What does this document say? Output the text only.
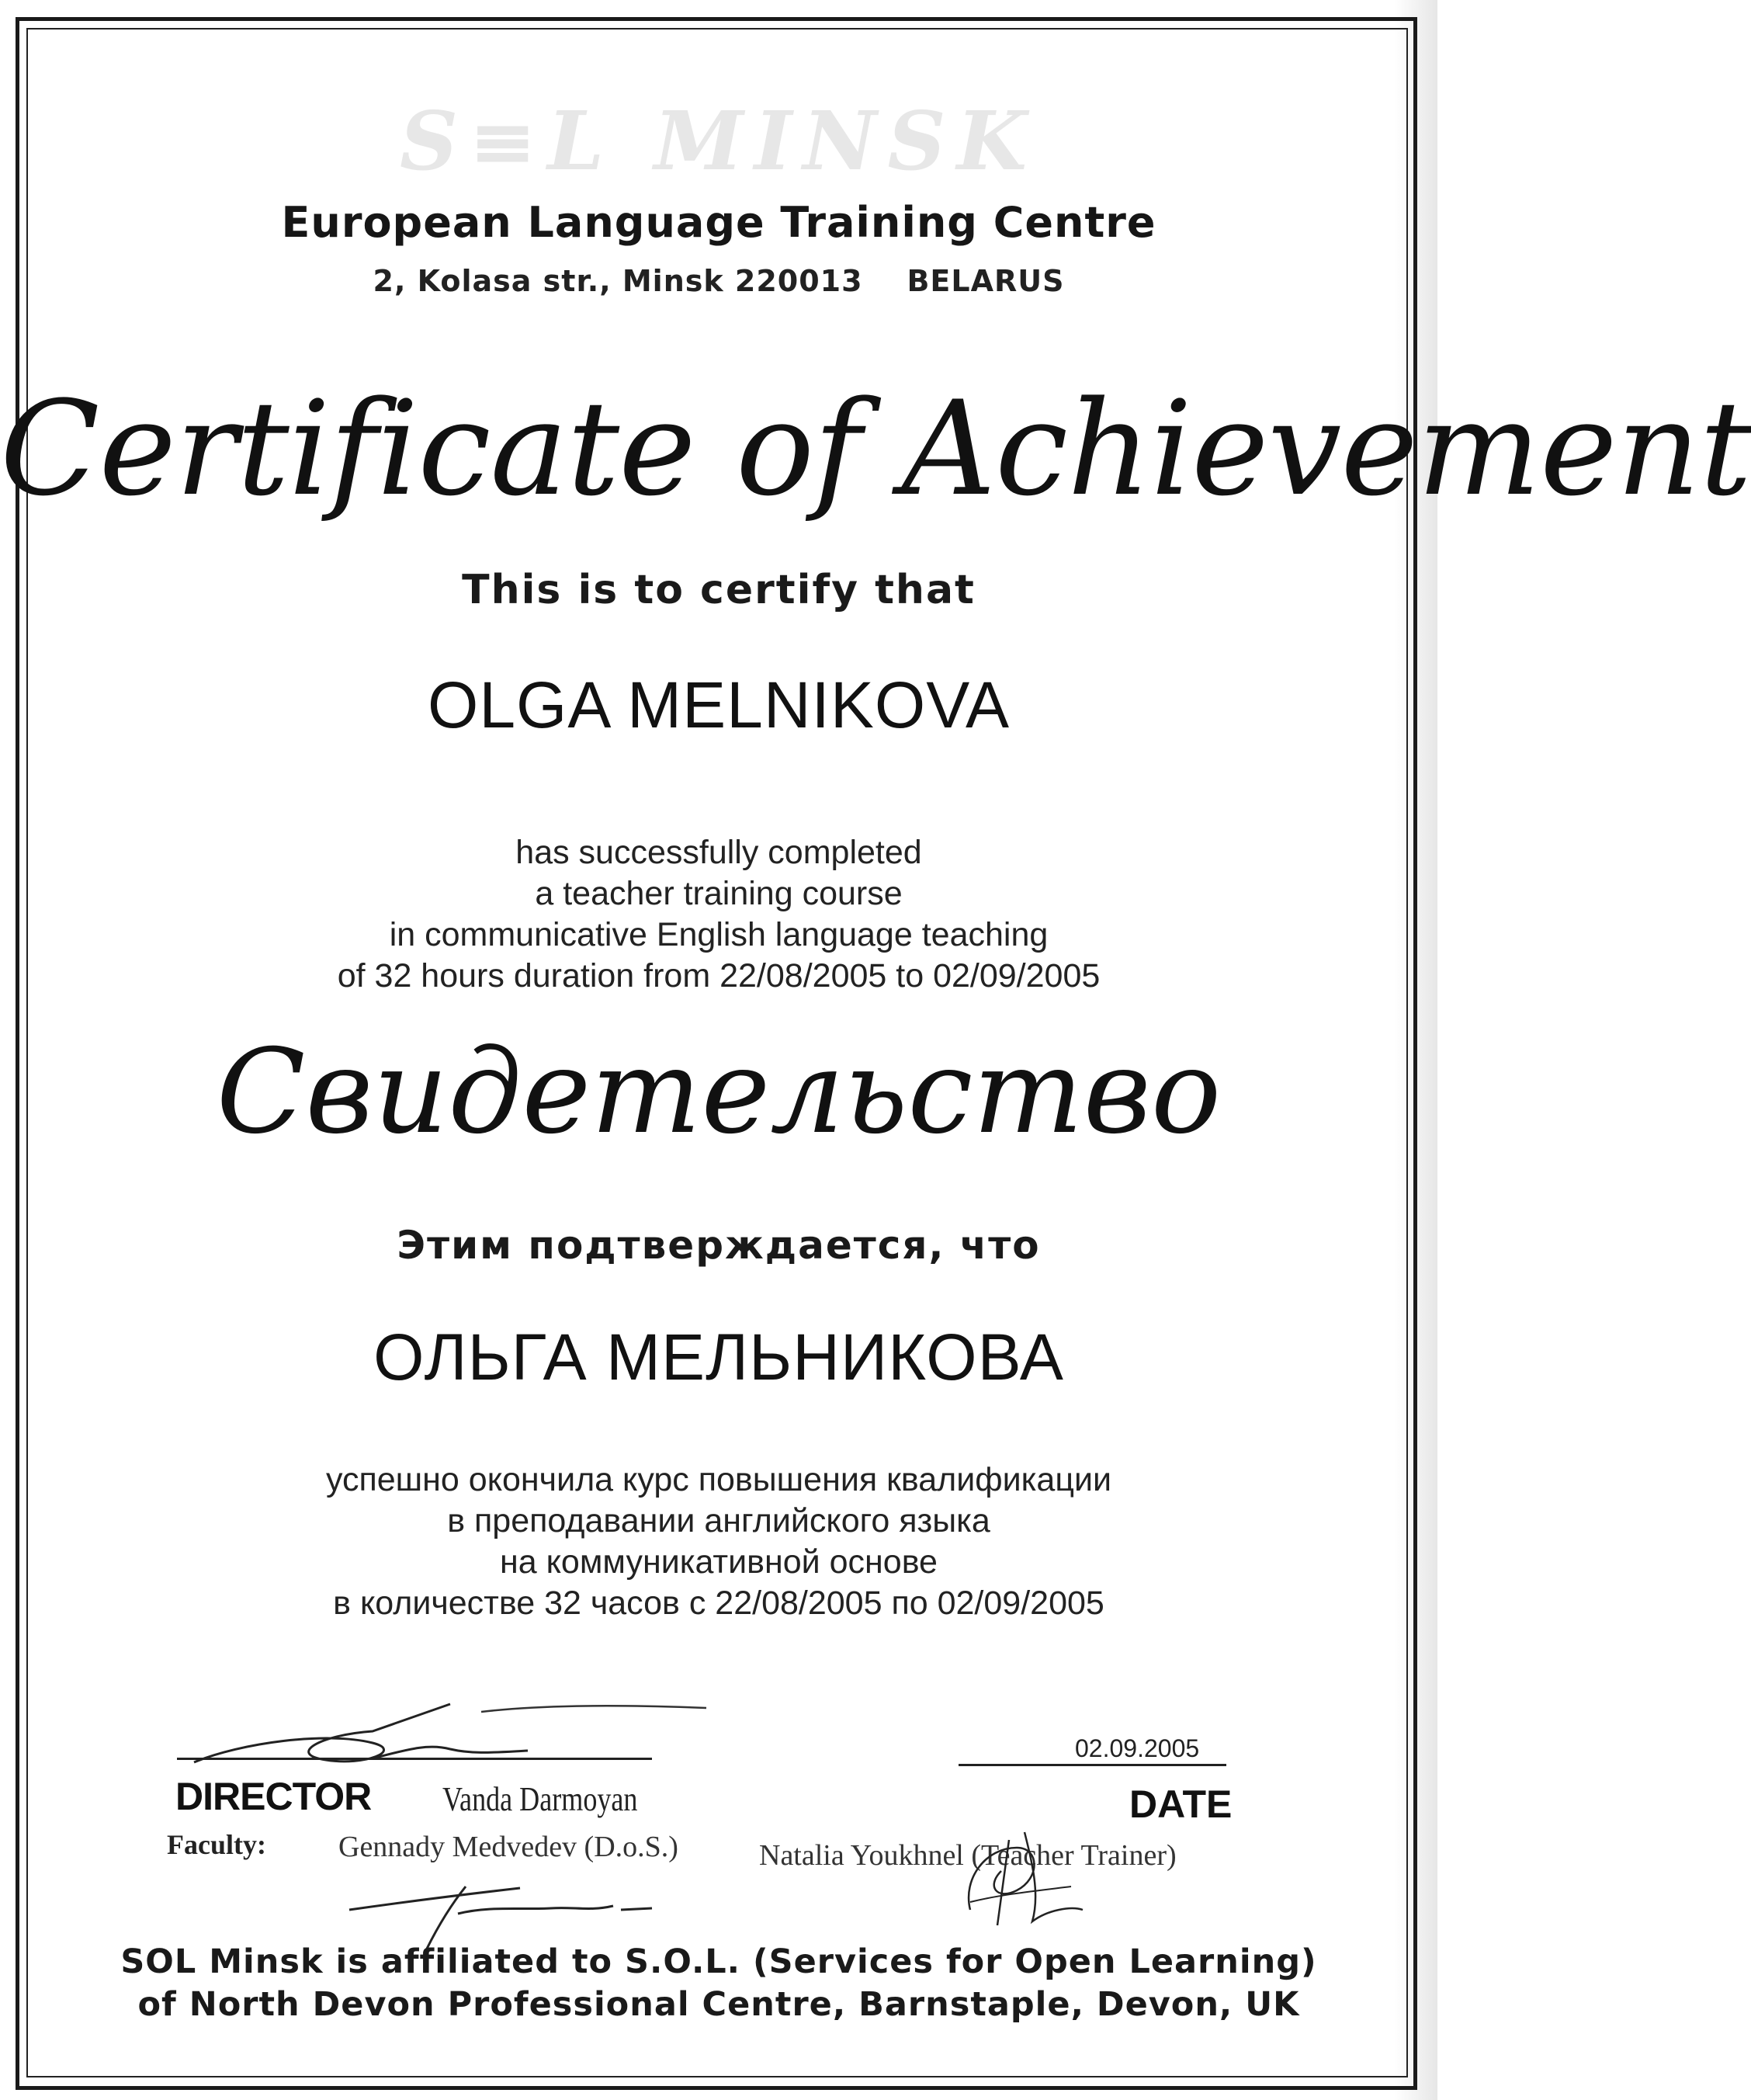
S≡L MINSK
European Language Training Centre
2, Kolasa str., Minsk 220013    BELARUS
Certificate of Achievement
This is to certify that
OLGA MELNIKOVA
has successfully completed
a teacher training course
in communicative English language teaching
of 32 hours duration from 22/08/2005 to 02/09/2005
Свидетельство
Этим подтверждается, что
ОЛЬГА МЕЛЬНИКОВА
успешно окончила курс повышения квалификации
в преподавании английского языка
на коммуникативной основе
в количестве 32 часов с 22/08/2005 по 02/09/2005
DIRECTOR Vanda Darmoyan
02.09.2005
DATE
Faculty: Gennady Medvedev (D.o.S.)	Natalia Youkhnel (Teacher Trainer)
SOL Minsk is affiliated to S.O.L. (Services for Open Learning)
of North Devon Professional Centre, Barnstaple, Devon, UK
